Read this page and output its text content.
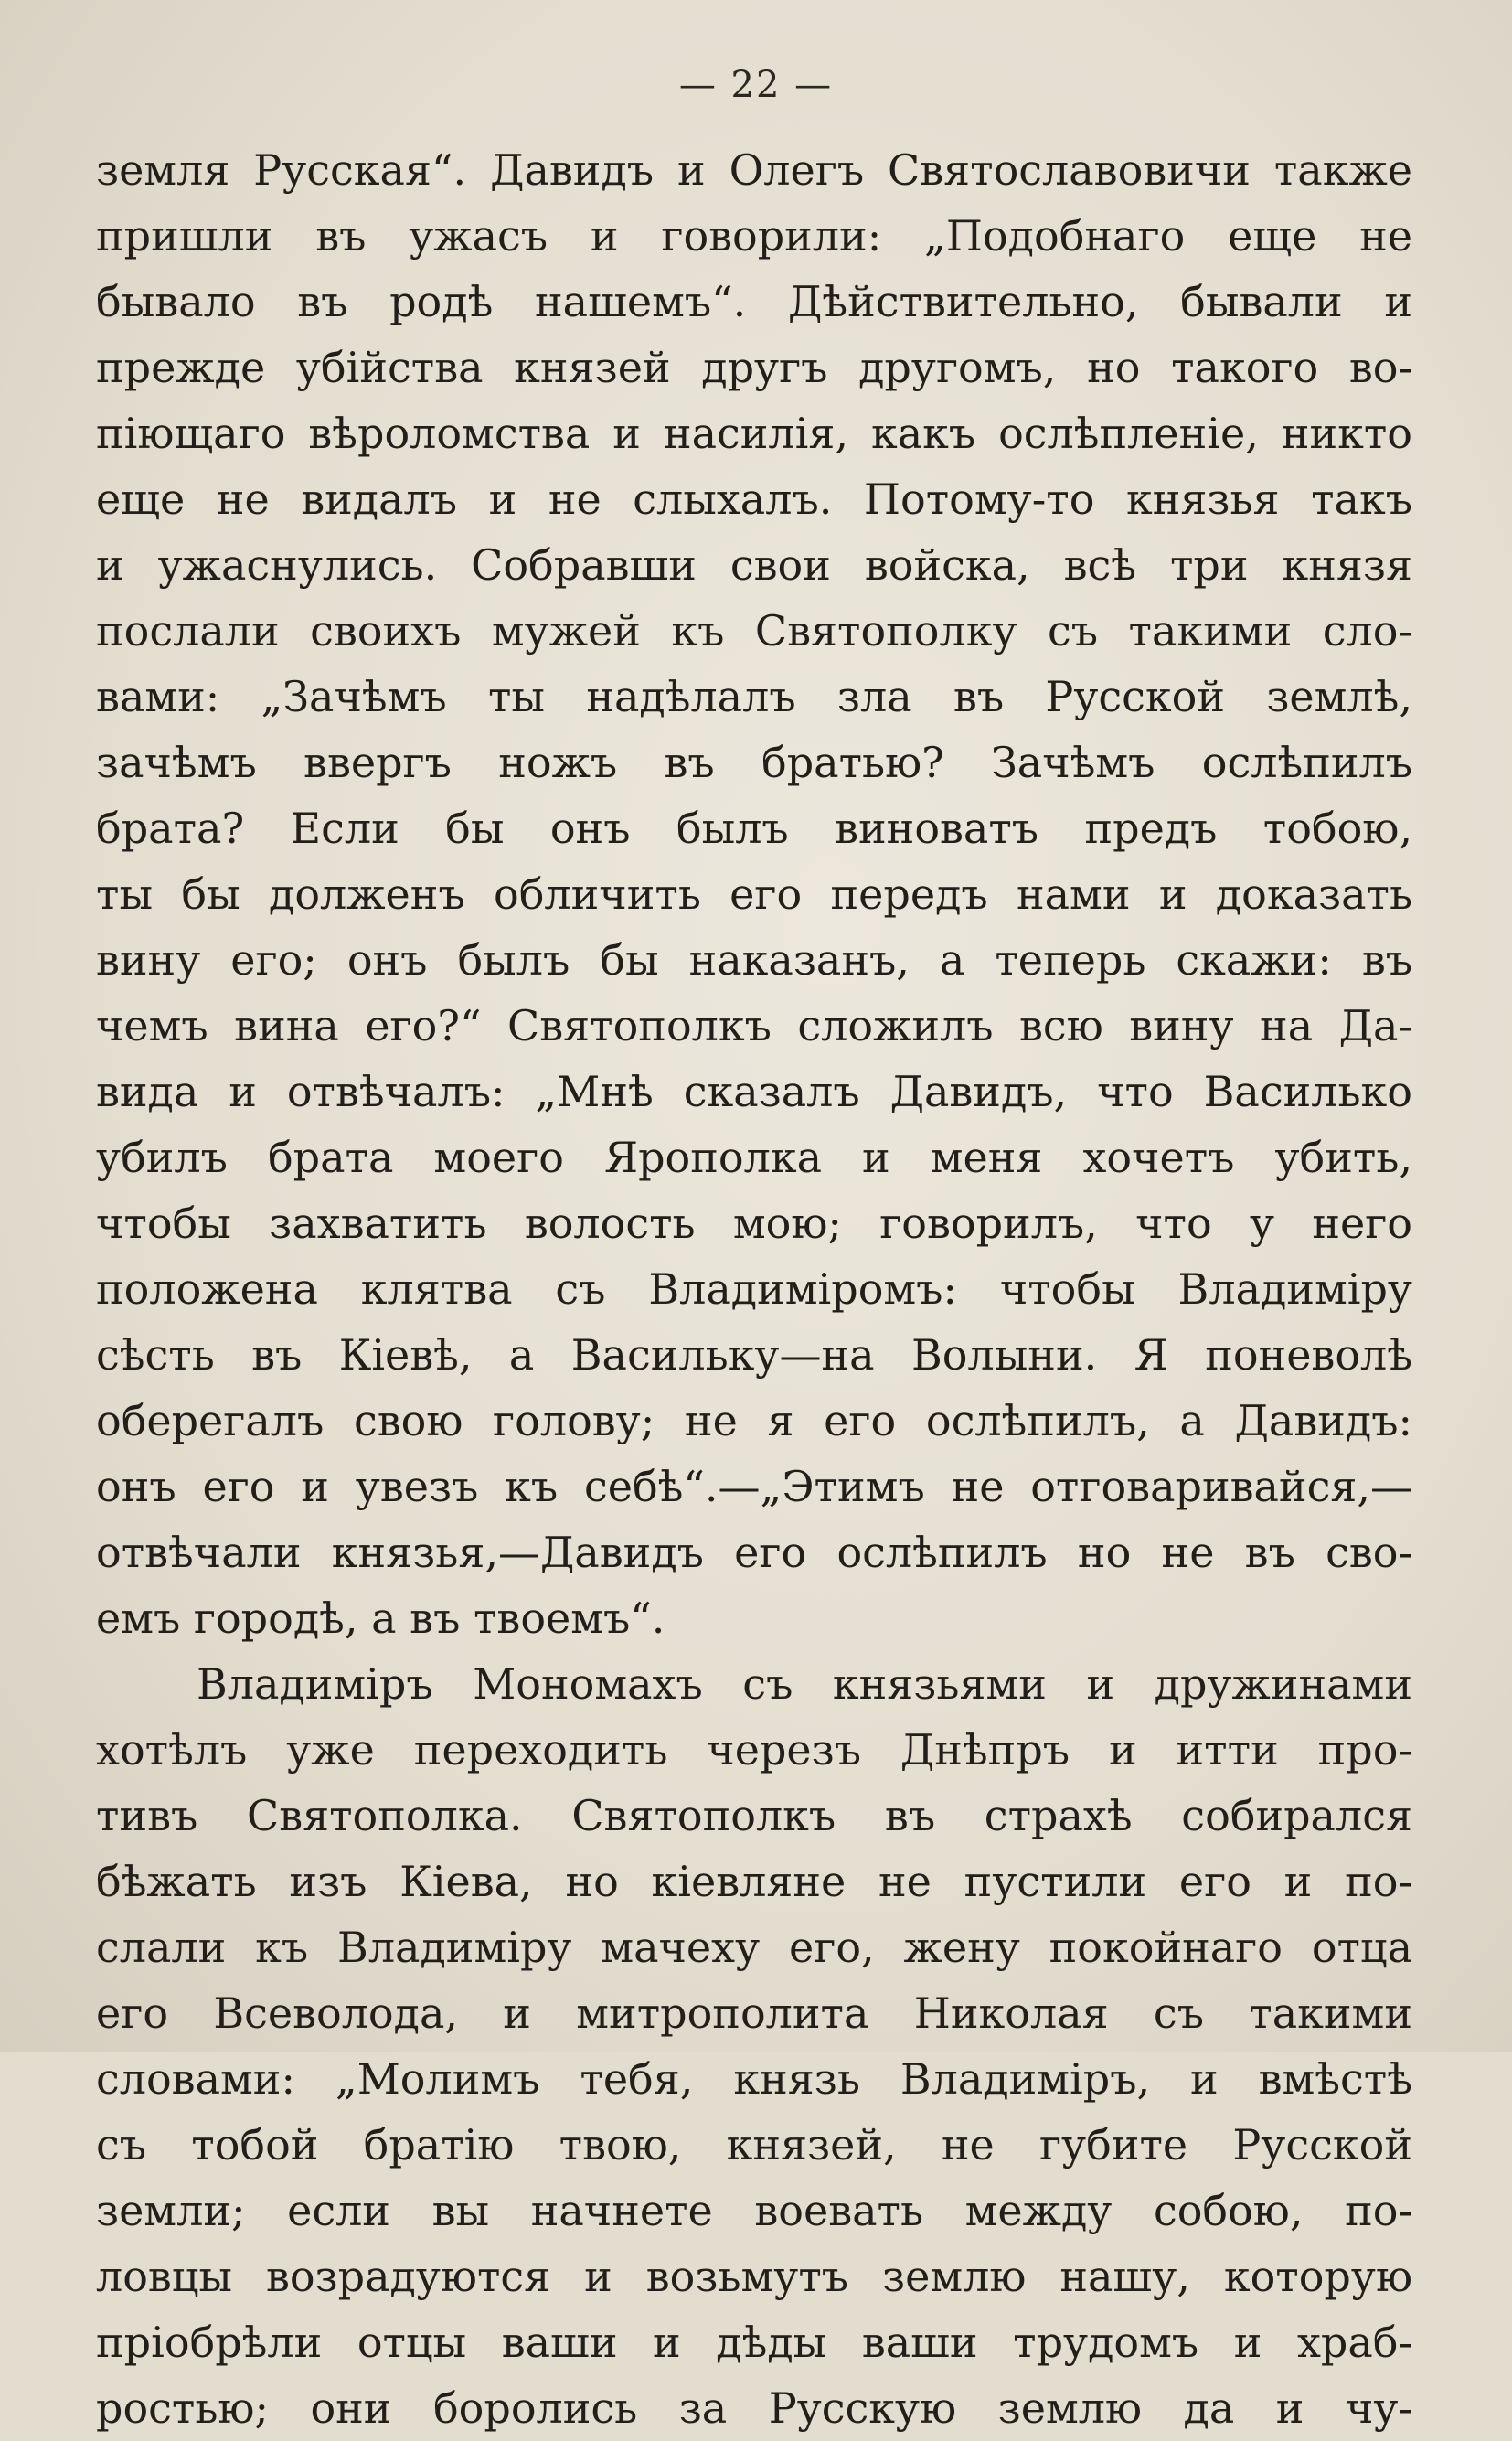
— 22 —
земля Русская“. Давидъ и Олегъ Святославовичи также
пришли въ ужасъ и говорили: „Подобнаго еще не
бывало въ родѣ нашемъ“. Дѣйствительно, бывали и
прежде убійства князей другъ другомъ, но такого во-
піющаго вѣроломства и насилія, какъ ослѣпленіе, никто
еще не видалъ и не слыхалъ. Потому-то князья такъ
и ужаснулись. Собравши свои войска, всѣ три князя
послали своихъ мужей къ Святополку съ такими сло-
вами: „Зачѣмъ ты надѣлалъ зла въ Русской землѣ,
зачѣмъ ввергъ ножъ въ братью? Зачѣмъ ослѣпилъ
брата? Если бы онъ былъ виноватъ предъ тобою,
ты бы долженъ обличить его передъ нами и доказать
вину его; онъ былъ бы наказанъ, а теперь скажи: въ
чемъ вина его?“ Святополкъ сложилъ всю вину на Да-
вида и отвѣчалъ: „Мнѣ сказалъ Давидъ, что Василько
убилъ брата моего Ярополка и меня хочетъ убить,
чтобы захватить волость мою; говорилъ, что у него
положена клятва съ Владиміромъ: чтобы Владиміру
сѣсть въ Кіевѣ, а Васильку—на Волыни. Я поневолѣ
оберегалъ свою голову; не я его ослѣпилъ, а Давидъ:
онъ его и увезъ къ себѣ“.—„Этимъ не отговаривайся,—
отвѣчали князья,—Давидъ его ослѣпилъ но не въ сво-
емъ городѣ, а въ твоемъ“.
Владиміръ Мономахъ съ князьями и дружинами
хотѣлъ уже переходить черезъ Днѣпръ и итти про-
тивъ Святополка. Святополкъ въ страхѣ собирался
бѣжать изъ Кіева, но кіевляне не пустили его и по-
слали къ Владиміру мачеху его, жену покойнаго отца
его Всеволода, и митрополита Николая съ такими
словами: „Молимъ тебя, князь Владиміръ, и вмѣстѣ
съ тобой братію твою, князей, не губите Русской
земли; если вы начнете воевать между собою, по-
ловцы возрадуются и возьмутъ землю нашу, которую
пріобрѣли отцы ваши и дѣды ваши трудомъ и храб-
ростью; они боролись за Русскую землю да и чу-
